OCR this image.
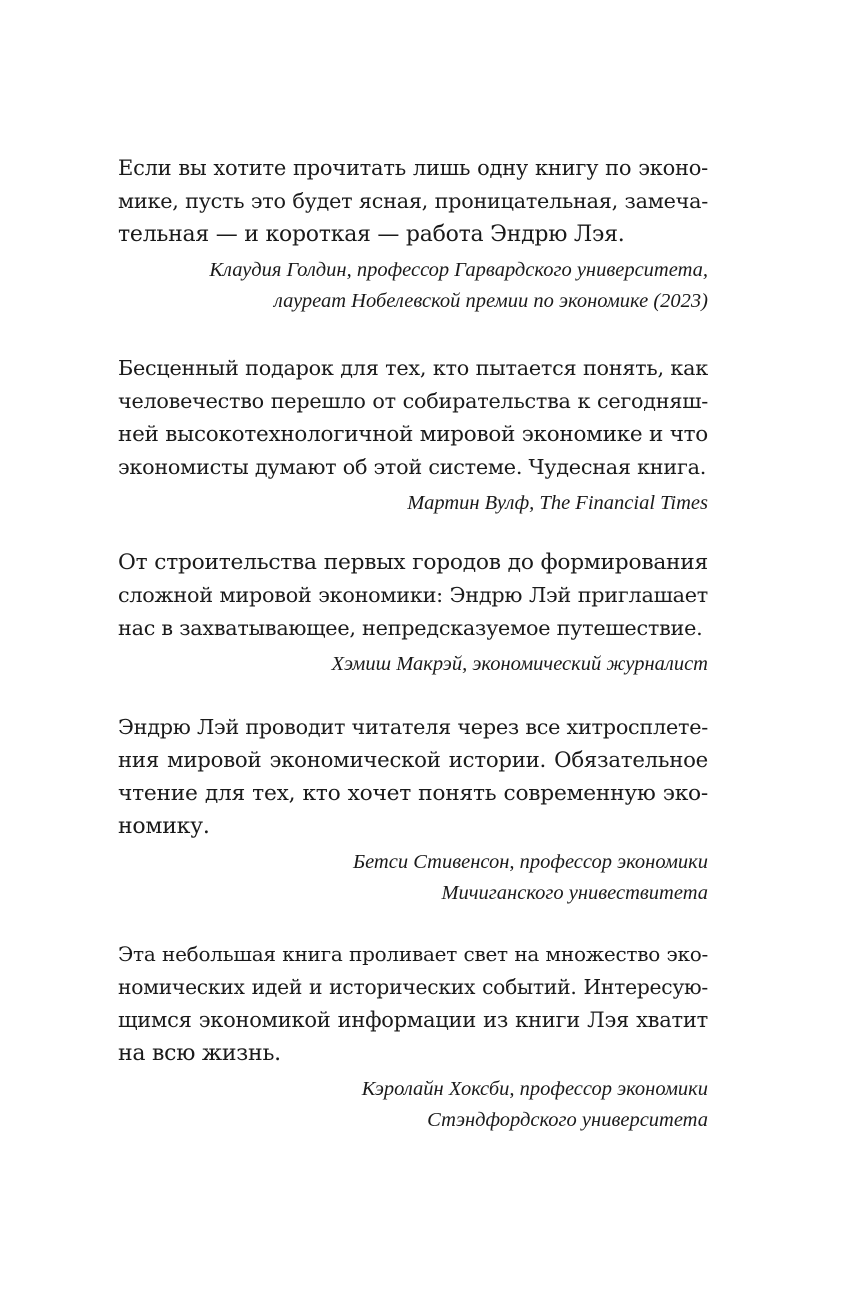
Если вы хотите прочитать лишь одну книгу по эконо-
мике, пусть это будет ясная, проницательная, замеча-
тельная — и короткая — работа Эндрю Лэя.

Клаудия Голдин, профессор Гарвардского университета,
лауреат Нобелевской премии по экономике (2023)

Бесценный подарок для тех, кто пытается понять, как
человечество перешло от собирательства к сегодняш-
ней высокотехнологичной мировой экономике и что
экономисты думают об этой системе. Чудесная книга.

Мартин Вулф, The Financial Times

От строительства первых городов до формирования
сложной мировой экономики: Эндрю Лэй приглашает
нас в захватывающее, непредсказуемое путешествие.

Хэмиш Макрэй, экономический журналист

Эндрю Лэй проводит читателя через все хитросплете-
ния мировой экономической истории. Обязательное
чтение для тех, кто хочет понять современную эко-
номику.

Бетси Стивенсон, профессор экономики
Мичиганского унивествитета

Эта небольшая книга проливает свет на множество эко-
номических идей и исторических событий. Интересую-
щимся экономикой информации из книги Лэя хватит
на всю жизнь.

Кэролайн Хоксби, профессор экономики
Стэндфордского университета
